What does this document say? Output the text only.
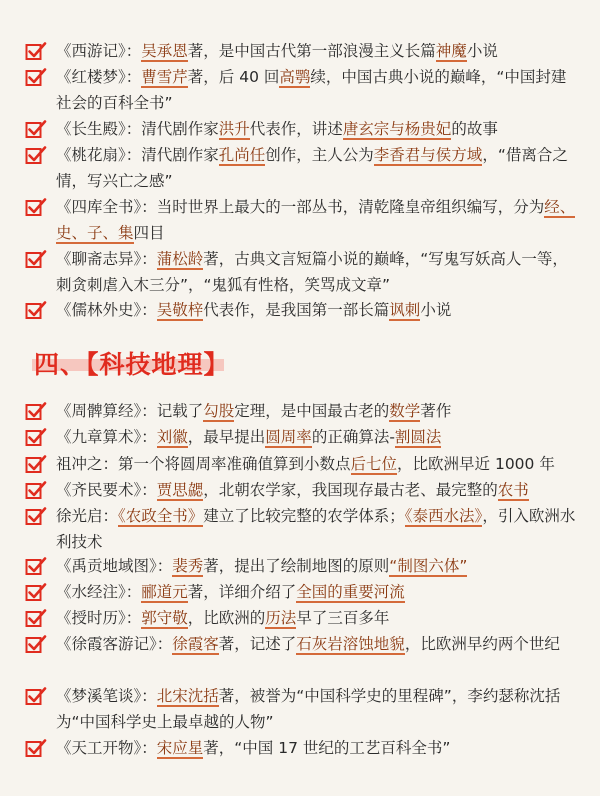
《西游记》：吴承恩著，是中国古代第一部浪漫主义长篇神魔小说
《红楼梦》：曹雪芹著，后 40 回高鹗续，中国古典小说的巅峰，“中国封建社会的百科全书”
《长生殿》：清代剧作家洪升代表作，讲述唐玄宗与杨贵妃的故事
《桃花扇》：清代剧作家孔尚任创作，主人公为李香君与侯方域，“借离合之情，写兴亡之感”
《四库全书》：当时世界上最大的一部丛书，清乾隆皇帝组织编写，分为经、史、子、集四目
《聊斋志异》：蒲松龄著，古典文言短篇小说的巅峰，“写鬼写妖高人一等，刺贪刺虐入木三分”，“鬼狐有性格，笑骂成文章”
《儒林外史》：吴敬梓代表作，是我国第一部长篇讽刺小说
四、【科技地理】
《周髀算经》：记载了勾股定理，是中国最古老的数学著作
《九章算术》：刘徽，最早提出圆周率的正确算法-割圆法
祖冲之：第一个将圆周率准确值算到小数点后七位，比欧洲早近 1000 年
《齐民要术》：贾思勰，北朝农学家，我国现存最古老、最完整的农书
徐光启：《农政全书》建立了比较完整的农学体系；《泰西水法》，引入欧洲水利技术
《禹贡地域图》：裴秀著，提出了绘制地图的原则“制图六体”
《水经注》：郦道元著，详细介绍了全国的重要河流
《授时历》：郭守敬，比欧洲的历法早了三百多年
《徐霞客游记》：徐霞客著，记述了石灰岩溶蚀地貌，比欧洲早约两个世纪
《梦溪笔谈》：北宋沈括著，被誉为“中国科学史的里程碑”，李约瑟称沈括为“中国科学史上最卓越的人物”
《天工开物》：宋应星著，“中国 17 世纪的工艺百科全书”
